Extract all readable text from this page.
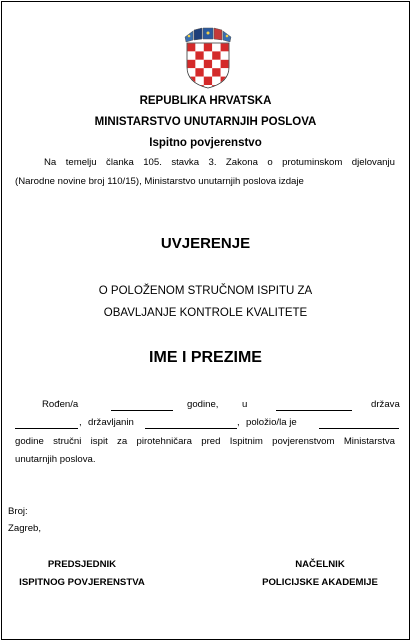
REPUBLIKA HRVATSKA
MINISTARSTVO UNUTARNJIH POSLOVA
Ispitno povjerenstvo
Na temelju članka 105. stavka 3. Zakona o protuminskom djelovanju
(Narodne novine broj 110/15), Ministarstvo unutarnjih poslova izdaje
UVJERENJE
O POLOŽENOM STRUČNOM ISPITU ZA
OBAVLJANJE KONTROLE KVALITETE
IME I PREZIME
Rođen/a	godine, u	država
, državljanin	, položio/la je
godine stručni ispit za pirotehničara pred Ispitnim povjerenstvom Ministarstva
unutarnjih poslova.
Broj:
Zagreb,
PREDSJEDNIK
ISPITNOG POVJERENSTVA
NAČELNIK
POLICIJSKE AKADEMIJE
